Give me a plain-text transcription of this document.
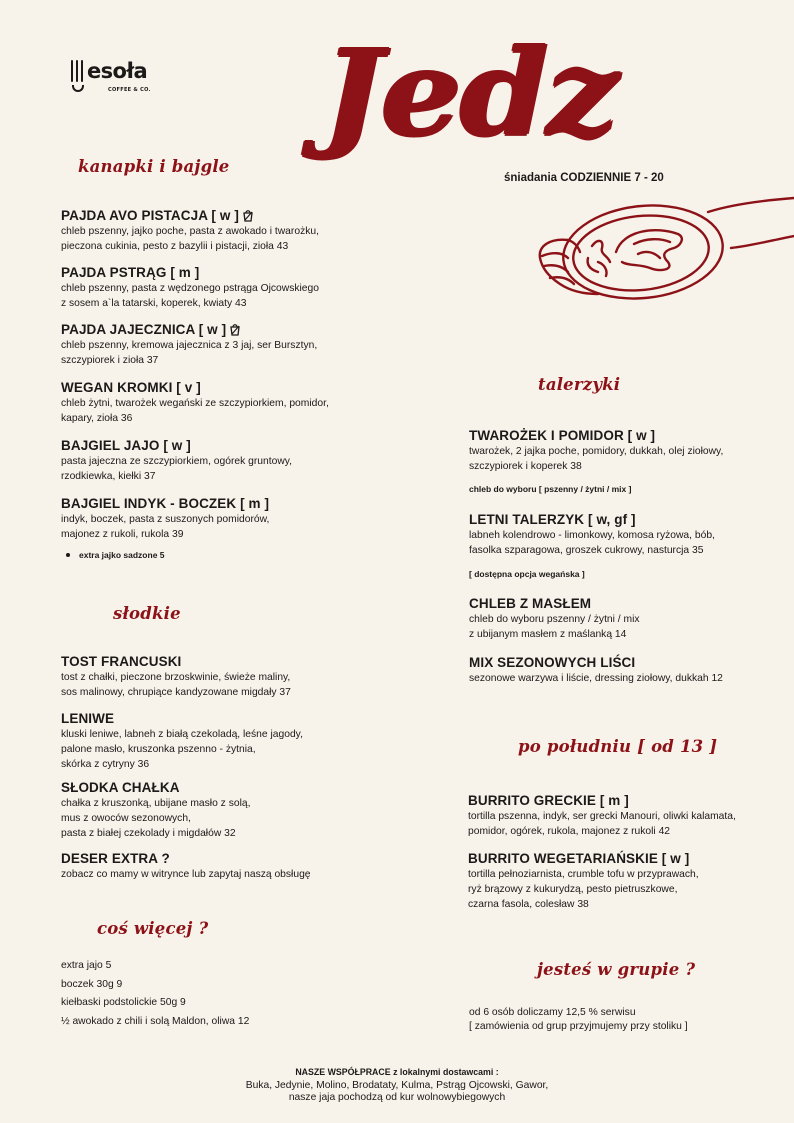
esoła
COFFEE & CO. Jedz
śniadania CODZIENNIE 7 - 20
kanapki i bajgle
PAJDA AVO PISTACJA [ w ]

chleb pszenny, jajko poche, pasta z awokado i twarożku,

pieczona cukinia, pesto z bazylii i pistacji, zioła 43

PAJDA PSTRĄG [ m ]

chleb pszenny, pasta z wędzonego pstrąga Ojcowskiego

z sosem a`la tatarski, koperek, kwiaty 43

PAJDA JAJECZNICA [ w ]

chleb pszenny, kremowa jajecznica z 3 jaj, ser Bursztyn,

szczypiorek i zioła 37

WEGAN KROMKI [ v ]

chleb żytni, twarożek wegański ze szczypiorkiem, pomidor,

kapary, zioła 36

BAJGIEL JAJO [ w ]

pasta jajeczna ze szczypiorkiem, ogórek gruntowy,

rzodkiewka, kiełki 37

BAJGIEL INDYK - BOCZEK [ m ]

indyk, boczek, pasta z suszonych pomidorów,

majonez z rukoli, rukola 39

extra jajko sadzone 5
słodkie
TOST FRANCUSKI

tost z chałki, pieczone brzoskwinie, świeże maliny,

sos malinowy, chrupiące kandyzowane migdały 37

LENIWE

kluski leniwe, labneh z białą czekoladą, leśne jagody,

palone masło, kruszonka pszenno - żytnia,

skórka z cytryny 36

SŁODKA CHAŁKA

chałka z kruszonką, ubijane masło z solą,

mus z owoców sezonowych,

pasta z białej czekolady i migdałów 32

DESER EXTRA ?

zobacz co mamy w witrynce lub zapytaj naszą obsługę

coś więcej ?
extra jajo 5
boczek 30g 9
kiełbaski podstolickie 50g 9
½ awokado z chili i solą Maldon, oliwa 12
talerzyki
TWAROŻEK I POMIDOR [ w ]

twarożek, 2 jajka poche, pomidory, dukkah, olej ziołowy,

szczypiorek i koperek 38

chleb do wyboru [ pszenny / żytni / mix ]
LETNI TALERZYK [ w, gf ]

labneh kolendrowo - limonkowy, komosa ryżowa, bób,

fasolka szparagowa, groszek cukrowy, nasturcja 35

[ dostępna opcja wegańska ]
CHLEB Z MASŁEM

chleb do wyboru pszenny / żytni / mix

z ubijanym masłem z maślanką 14

MIX SEZONOWYCH LIŚCI

sezonowe warzywa i liście, dressing ziołowy, dukkah 12

po południu [ od 13 ]
BURRITO GRECKIE [ m ]

tortilla pszenna, indyk, ser grecki Manouri, oliwki kalamata,

pomidor, ogórek, rukola, majonez z rukoli 42

BURRITO WEGETARIAŃSKIE [ w ]

tortilla pełnoziarnista, crumble tofu w przyprawach,

ryż brązowy z kukurydzą, pesto pietruszkowe,

czarna fasola, colesław 38

jesteś w grupie ?
od 6 osób doliczamy 12,5 % serwisu
[ zamówienia od grup przyjmujemy przy stoliku ]
NASZE WSPÓŁPRACE z lokalnymi dostawcami :
Buka, Jedynie, Molino, Brodataty, Kulma, Pstrąg Ojcowski, Gawor,
nasze jaja pochodzą od kur wolnowybiegowych
